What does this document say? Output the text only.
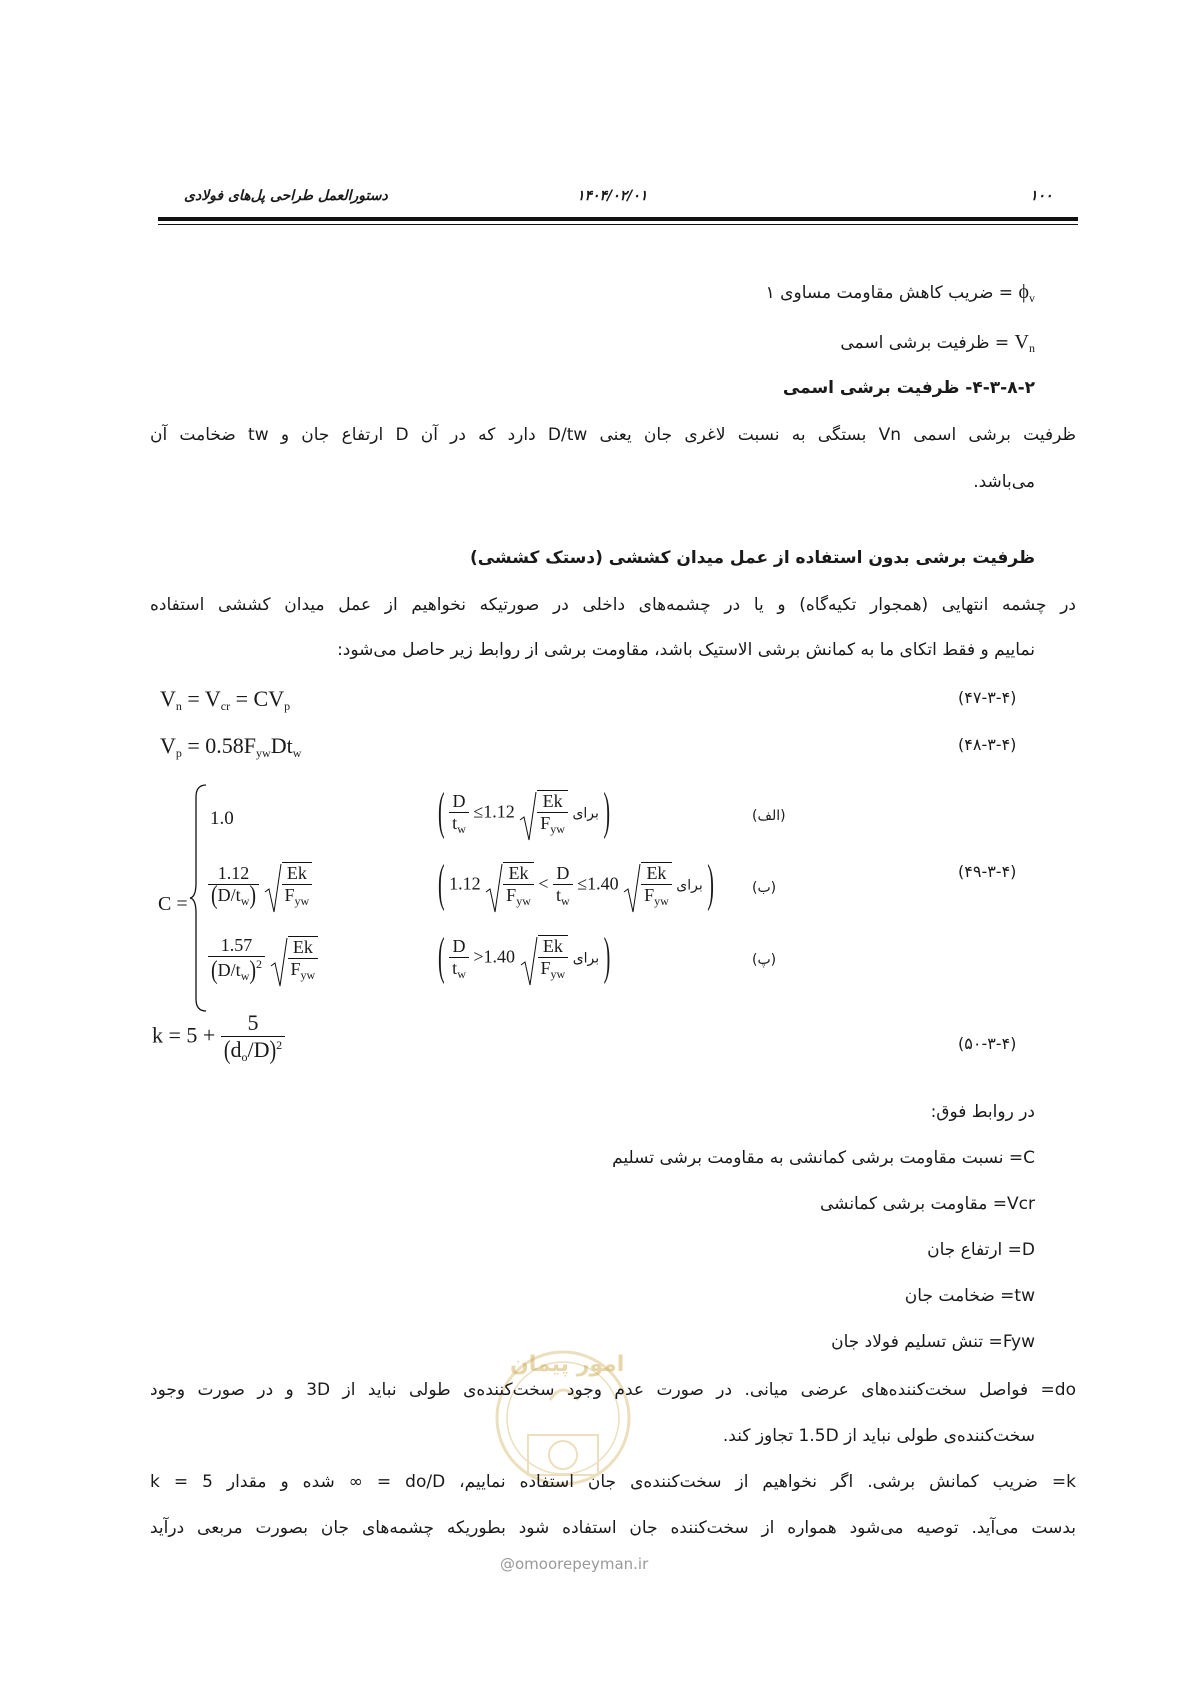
دستورالعمل طراحی پل‌های فولادی	۱۴۰۴/۰۲/۰۱	۱۰۰
$\phi_v$ = ضریب کاهش مقاومت مساوی ۱
$V_n$ = ظرفیت برشی اسمی
۴-۳-۸-۲- ظرفیت برشی اسمی
ظرفیت برشی اسمی Vn بستگی به نسبت لاغری جان یعنی D/tw دارد که در آن D ارتفاع جان و tw ضخامت آن
می‌باشد.
ظرفیت برشی بدون استفاده از عمل میدان کششی (دستک کششی)
در چشمه انتهایی (همجوار تکیه‌گاه) و یا در چشمه‌های داخلی در صورتیکه نخواهیم از عمل میدان کششی استفاده
نماییم و فقط اتکای ما به کمانش برشی الاستیک باشد، مقاومت برشی از روابط زیر حاصل می‌شود:
$V_n = V_{cr} = CV_p$	(۴۷-۳-۴)
$V_p = 0.58F_{yw}Dt_w$	(۴۸-۳-۴)
C =
1.0	( $\frac{D}{t_w} \le 1.12 \frac{Ek}{F_{yw}}$ برای )	(الف)
$\frac{1.12}{(D/t_w)}$
$\frac{Ek}{F_{yw}}$	( $1.12 \frac{Ek}{F_{yw}} < \frac{D}{t_w} \le 1.40 \frac{Ek}{F_{yw}}$ برای )	(ب)
(۴۹-۳-۴)
$\frac{1.57}{(D/t_w)^2}$
$\frac{Ek}{F_{yw}}$	( $\frac{D}{t_w} >1.40 \frac{Ek}{F_{yw}}$ برای )	(پ)
$k = 5 + \frac{5}{(d_o/D)^2}$	(۵۰-۳-۴)
در روابط فوق:
C= نسبت مقاومت برشی کمانشی به مقاومت برشی تسلیم
Vcr= مقاومت برشی کمانشی
D= ارتفاع جان
tw= ضخامت جان
Fyw= تنش تسلیم فولاد جان
امور پیمان
do= فواصل سخت‌کننده‌های عرضی میانی. در صورت عدم وجود سخت‌کننده‌ی طولی نباید از 3D و در صورت وجود
سخت‌کننده‌ی طولی نباید از 1.5D تجاوز کند.
k= ضریب کمانش برشی. اگر نخواهیم از سخت‌کننده‌ی جان استفاده نماییم، do/D = ∞ شده و مقدار k = 5
بدست می‌آید. توصیه می‌شود همواره از سخت‌کننده جان استفاده شود بطوریکه چشمه‌های جان بصورت مربعی درآید
@omoorepeyman.ir
